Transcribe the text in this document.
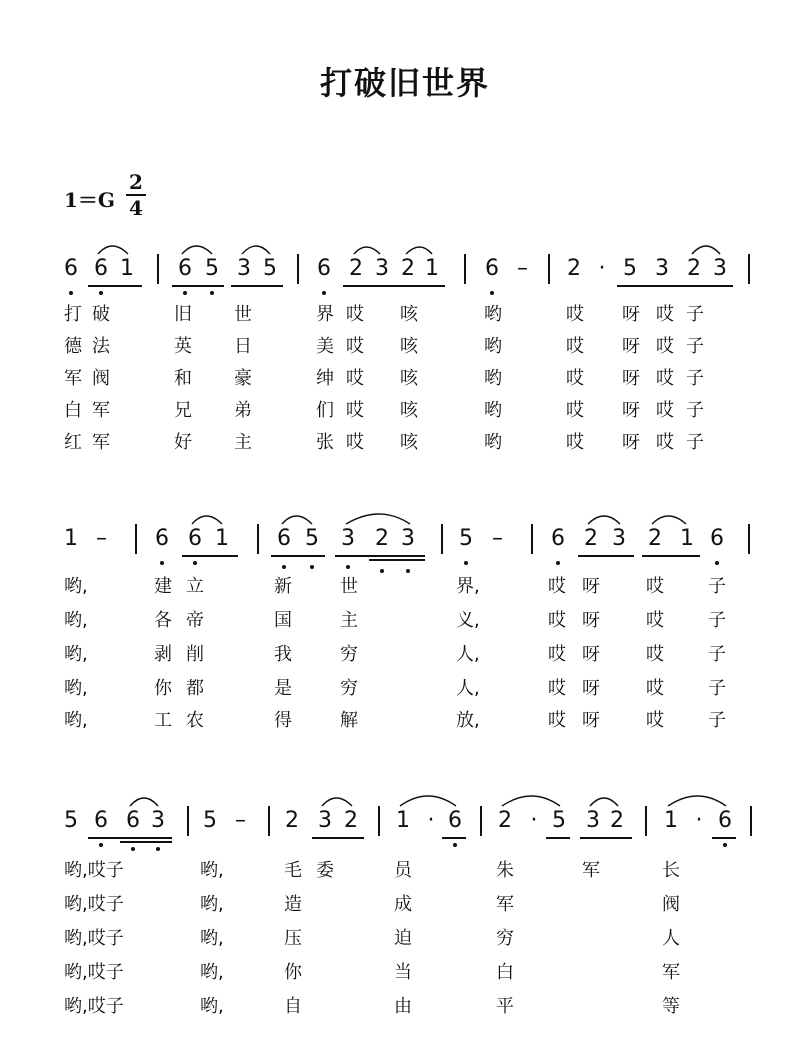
打破旧世界
1＝G
2
4
6 6 1 6 5 3 5 6 2 3 2 1 6 – 2 · 5 3 2 3
打 破	旧 世	界 哎 咳	哟	哎 呀 哎 子
德 法	英 日	美 哎 咳	哟	哎 呀 哎 子
军 阀	和 豪	绅 哎 咳	哟	哎 呀 哎 子
白 军	兄 弟	们 哎 咳	哟	哎 呀 哎 子
红 军	好 主	张 哎 咳	哟	哎 呀 哎 子
1 – 6 6 1 6 5 3 2 3 5 – 6 2 3 2 1 6
哟,	建 立	新	世	界,	哎 呀	哎 子
哟,	各 帝	国	主	义,	哎 呀	哎 子
哟,	剥 削	我	穷	人,	哎 呀	哎 子
哟,	你 都	是	穷	人,	哎 呀	哎 子
哟,	工 农	得	解	放,	哎 呀	哎 子
5 6 6 3 5 – 2 3 2 1 · 6 2 · 5 3 2 1 · 6
哟,哎子	哟,	毛 委	员	朱	军	长
哟,哎子	哟,	造	成	军	阀
哟,哎子	哟,	压	迫	穷	人
哟,哎子	哟,	你	当	白	军
哟,哎子	哟,	自	由	平	等
